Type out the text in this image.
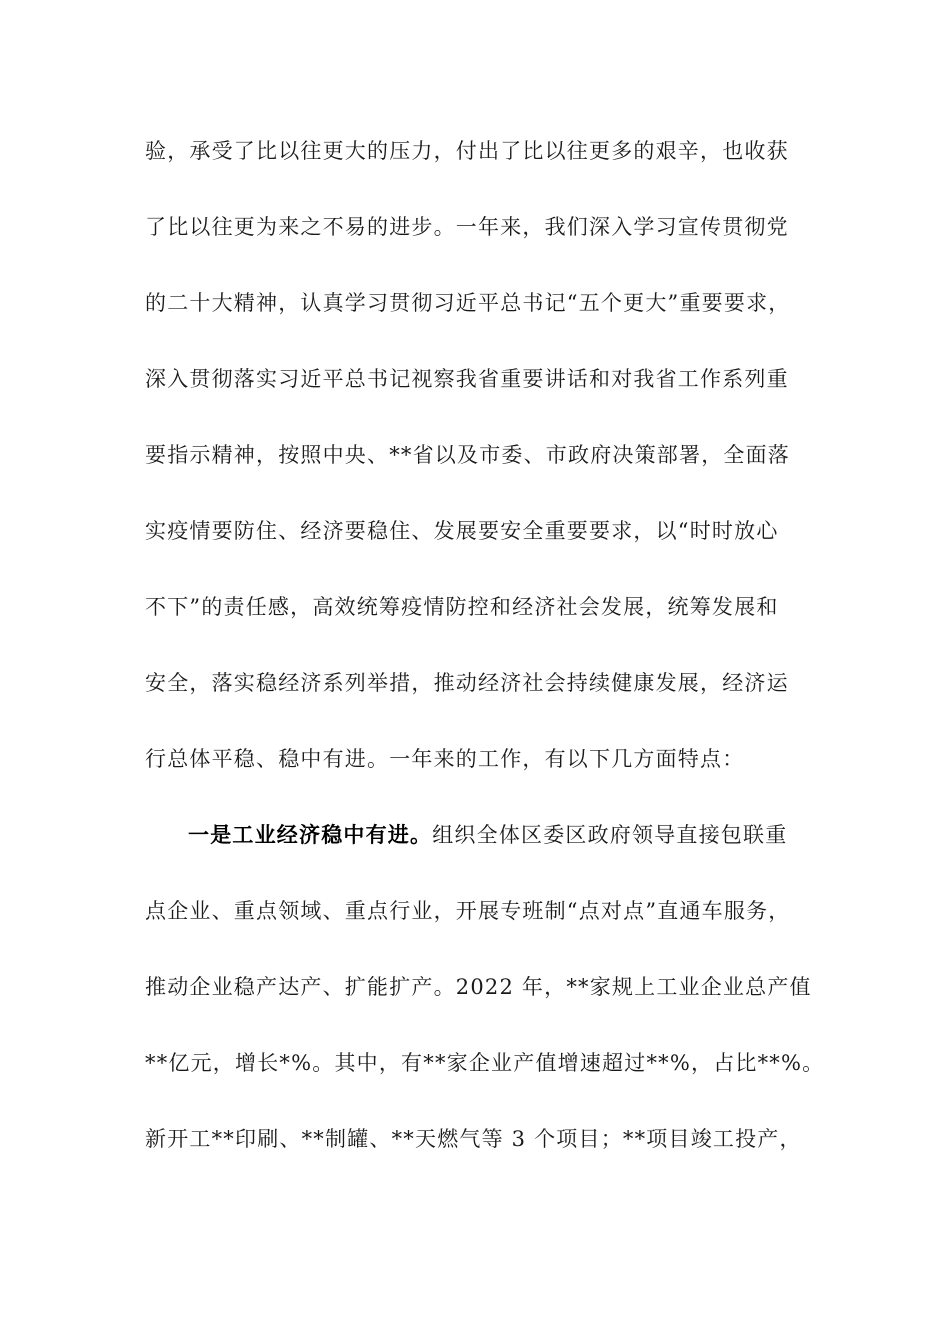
验，承受了比以往更大的压力，付出了比以往更多的艰辛，也收获
了比以往更为来之不易的进步。一年来，我们深入学习宣传贯彻党
的二十大精神，认真学习贯彻习近平总书记“五个更大”重要要求，
深入贯彻落实习近平总书记视察我省重要讲话和对我省工作系列重
要指示精神，按照中央、**省以及市委、市政府决策部署，全面落
实疫情要防住、经济要稳住、发展要安全重要要求，以“时时放心
不下”的责任感，高效统筹疫情防控和经济社会发展，统筹发展和
安全，落实稳经济系列举措，推动经济社会持续健康发展，经济运
行总体平稳、稳中有进。一年来的工作，有以下几方面特点：
一是工业经济稳中有进。组织全体区委区政府领导直接包联重
点企业、重点领域、重点行业，开展专班制“点对点”直通车服务，
推动企业稳产达产、扩能扩产。2022 年，**家规上工业企业总产值
**亿元，增长*%。其中，有**家企业产值增速超过**%，占比**%。
新开工**印刷、**制罐、**天燃气等 3 个项目；**项目竣工投产，
